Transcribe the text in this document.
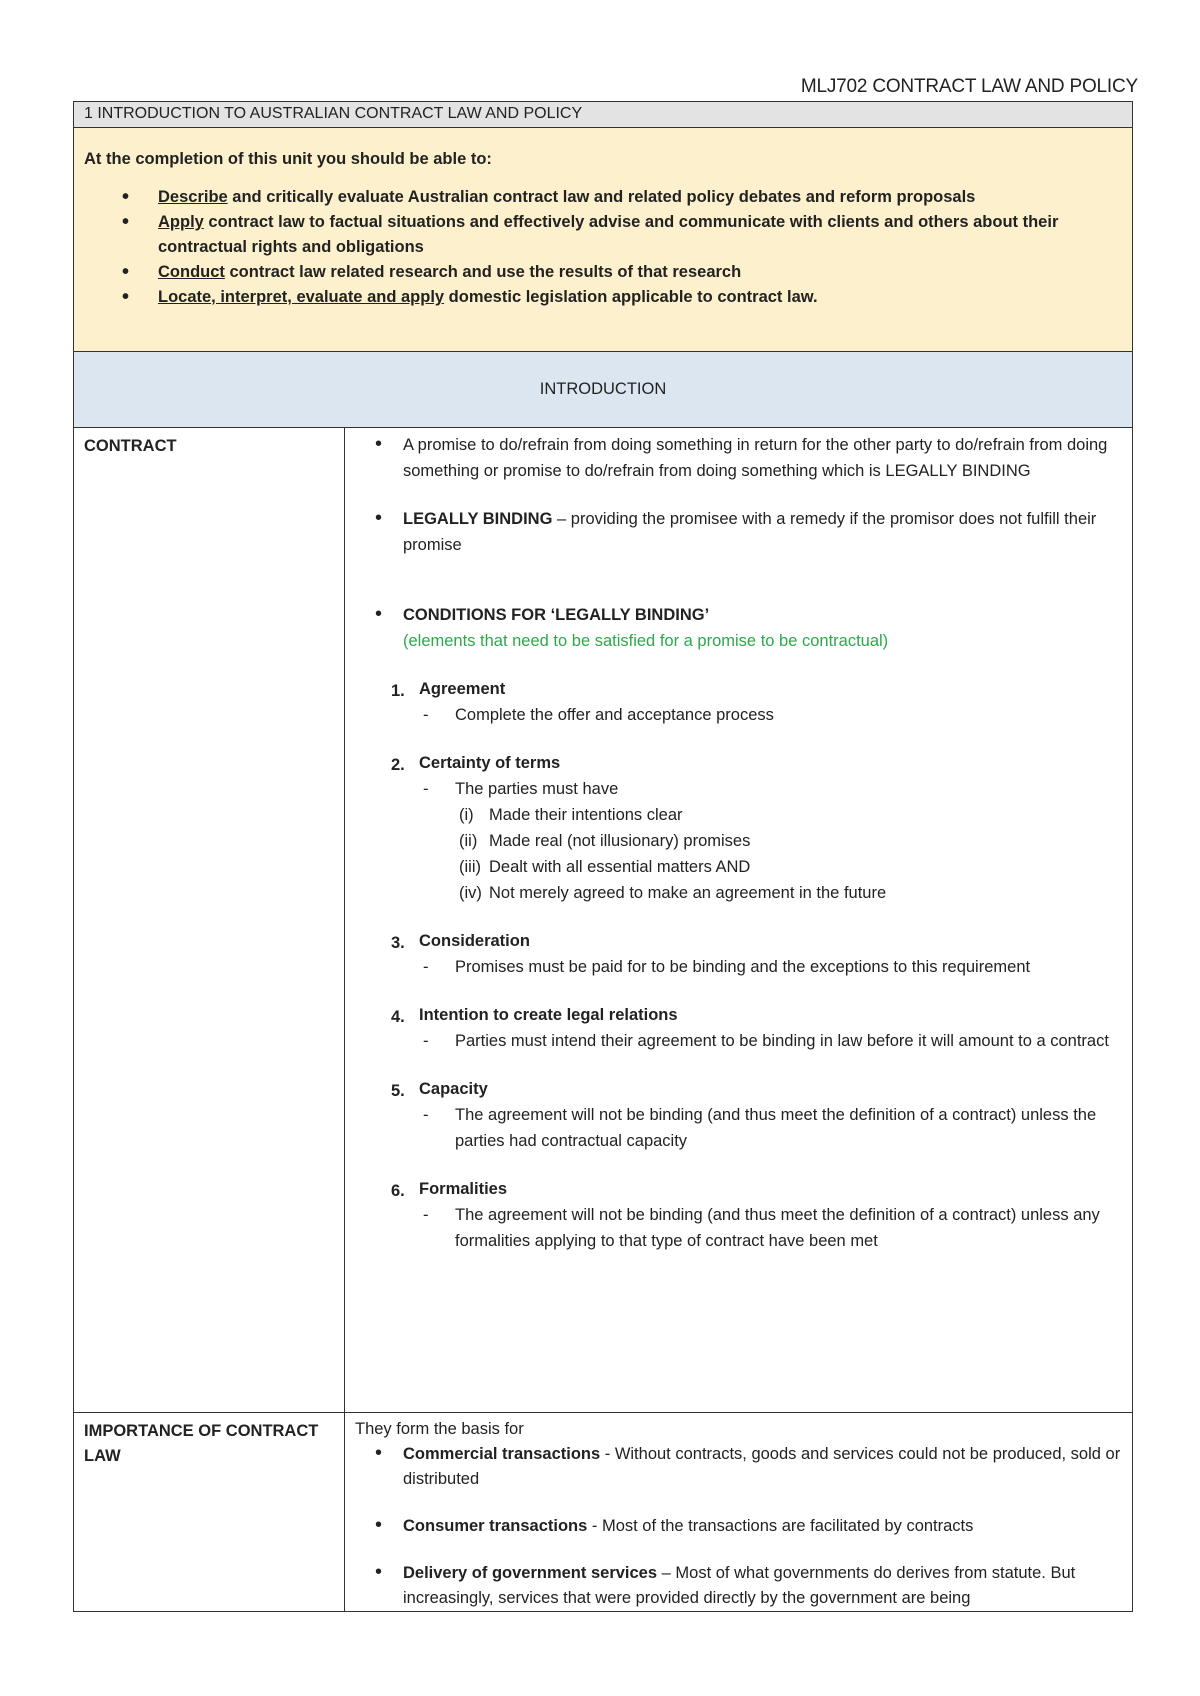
MLJ702 CONTRACT LAW AND POLICY
1 INTRODUCTION TO AUSTRALIAN CONTRACT LAW AND POLICY
At the completion of this unit you should be able to:
• Describe and critically evaluate Australian contract law and related policy debates and reform proposals
• Apply contract law to factual situations and effectively advise and communicate with clients and others about their contractual rights and obligations
• Conduct contract law related research and use the results of that research
• Locate, interpret, evaluate and apply domestic legislation applicable to contract law.
INTRODUCTION
CONTRACT
•	A promise to do/refrain from doing something in return for the other party to do/refrain from doing something or promise to do/refrain from doing something which is LEGALLY BINDING
• LEGALLY BINDING – providing the promisee with a remedy if the promisor does not fulfill their promise
• CONDITIONS FOR ‘LEGALLY BINDING’
(elements that need to be satisfied for a promise to be contractual)
1. Agreement
- Complete the offer and acceptance process
2. Certainty of terms
- The parties must have
(i) Made their intentions clear
(ii) Made real (not illusionary) promises
(iii) Dealt with all essential matters AND
(iv) Not merely agreed to make an agreement in the future
3. Consideration
- Promises must be paid for to be binding and the exceptions to this requirement
4. Intention to create legal relations
- Parties must intend their agreement to be binding in law before it will amount to a contract
5. Capacity
- The agreement will not be binding (and thus meet the definition of a contract) unless the parties had contractual capacity
6. Formalities
- The agreement will not be binding (and thus meet the definition of a contract) unless any formalities applying to that type of contract have been met
IMPORTANCE OF CONTRACT LAW
They form the basis for
• Commercial transactions - Without contracts, goods and services could not be produced, sold or distributed
• Consumer transactions - Most of the transactions are facilitated by contracts
• Delivery of government services – Most of what governments do derives from statute. But increasingly, services that were provided directly by the government are being
